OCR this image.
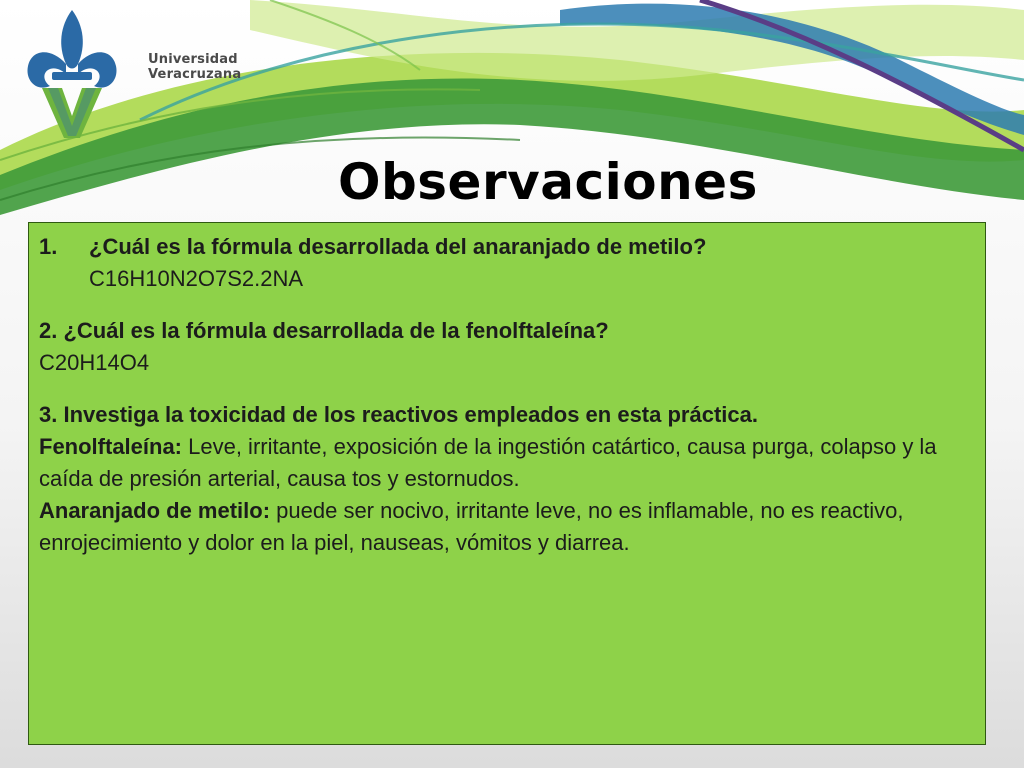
Universidad
Veracruzana
Observaciones
1.	¿Cuál es la fórmula desarrollada del anaranjado de metilo?

C16H10N2O7S2.2NA

2. ¿Cuál es la fórmula desarrollada de la fenolftaleína?

C20H14O4

3. Investiga la toxicidad de los reactivos empleados en esta práctica.

Fenolftaleína: Leve, irritante, exposición de la ingestión catártico, causa purga, colapso y la caída de presión arterial, causa tos y estornudos.

Anaranjado de metilo: puede ser nocivo, irritante leve, no es inflamable, no es reactivo, enrojecimiento y dolor en la piel, nauseas, vómitos y diarrea.
